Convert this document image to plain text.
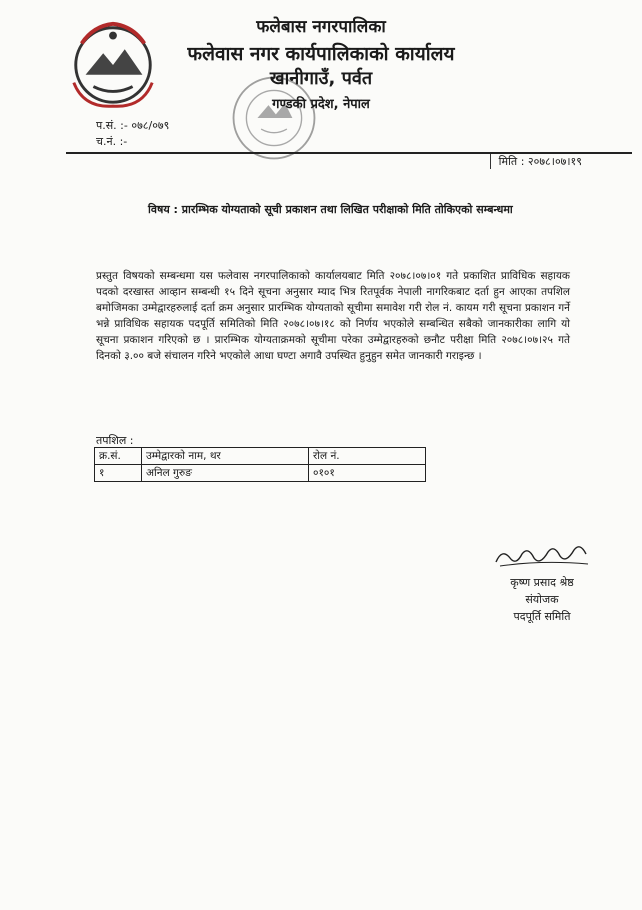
फलेबास नगरपालिका
फलेवास नगर कार्यपालिकाको कार्यालय
खानीगाउँ, पर्वत
गण्डकी प्रदेश, नेपाल
प.सं. :- ०७८/०७९
च.नं. :-
मिति : २०७८।०७।१९
विषय : प्रारम्भिक योग्यताको सूची प्रकाशन तथा लिखित परीक्षाको मिति तोकिएको सम्बन्धमा
प्रस्तुत विषयको सम्बन्धमा यस फलेवास नगरपालिकाको कार्यालयबाट मिति २०७८।०७।०१ गते प्रकाशित प्राविधिक सहायक पदको दरखास्त आव्हान सम्बन्धी १५ दिने सूचना अनुसार म्याद भित्र रितपूर्वक नेपाली नागरिकबाट दर्ता हुन आएका तपशिल बमोजिमका उम्मेद्वारहरुलाई दर्ता क्रम अनुसार प्रारम्भिक योग्यताको सूचीमा समावेश गरी रोल नं. कायम गरी सूचना प्रकाशन गर्ने भन्ने प्राविधिक सहायक पदपूर्ति समितिको मिति २०७८।०७।१८ को निर्णय भएकोले सम्बन्धित सबैको जानकारीका लागि यो सूचना प्रकाशन गरिएको छ । प्रारम्भिक योग्यताक्रमको सूचीमा परेका उम्मेद्वारहरुको छनौट परीक्षा मिति २०७८।०७।२५ गते दिनको ३.०० बजे संचालन गरिने भएकोले आधा घण्टा अगावै उपस्थित हुनुहुन समेत जानकारी गराइन्छ ।
तपशिल :
क्र.सं.	उम्मेद्वारको नाम, थर	रोल नं.
१	अनिल गुरुङ	०१०१
कृष्ण प्रसाद श्रेष्ठ
संयोजक
पदपूर्ति समिति
